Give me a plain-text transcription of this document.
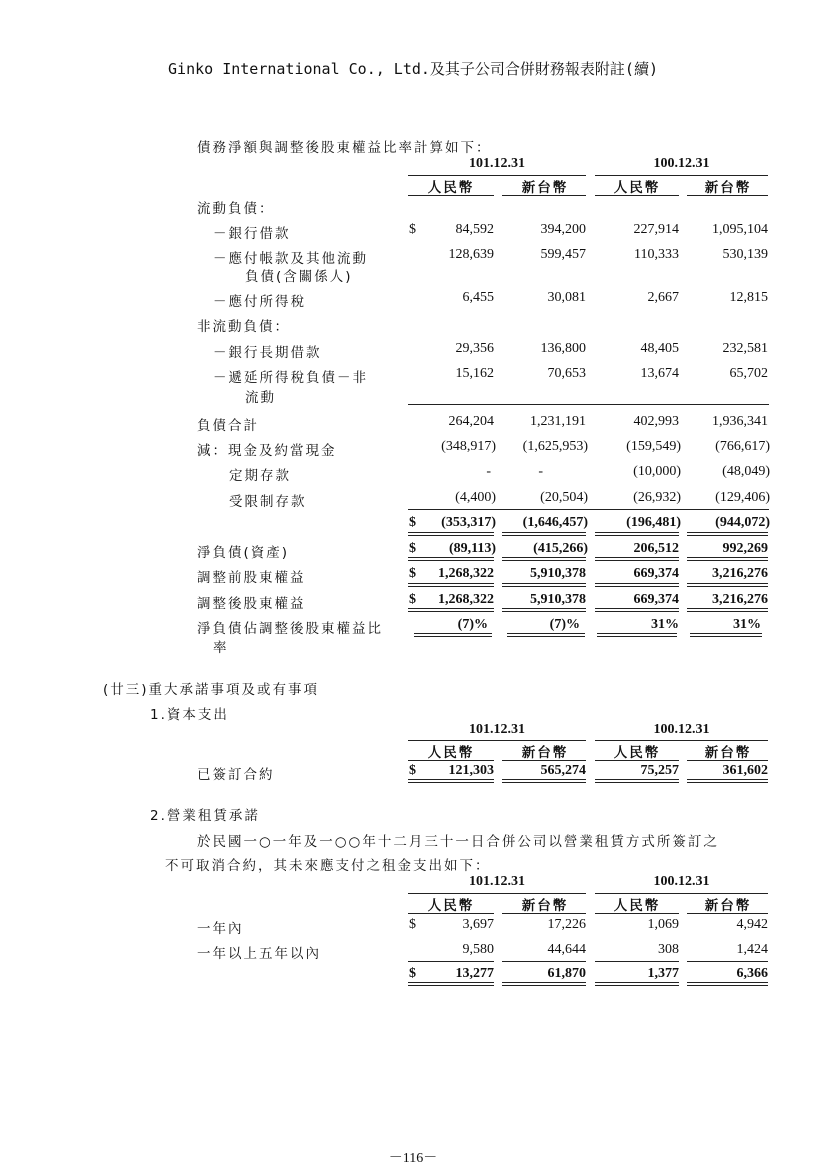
Ginko International Co., Ltd.及其子公司合併財務報表附註(續)
債務淨額與調整後股東權益比率計算如下：
101.12.31	100.12.31
人民幣	新台幣	人民幣	新台幣
流動負債：
－銀行借款	$	84,592	394,200	227,914	1,095,104
－應付帳款及其他流動
負債(含關係人)
128,639	599,457	110,333	530,139
－應付所得稅	6,455	30,081	2,667	12,815
非流動負債：
－銀行長期借款	29,356	136,800	48,405	232,581
－遞延所得稅負債－非
流動
15,162	70,653	13,674	65,702
負債合計	264,204	1,231,191	402,993	1,936,341
減：現金及約當現金	(348,917)	(1,625,953)	(159,549)	(766,617)
定期存款	-	-	(10,000)	(48,049)
受限制存款	(4,400)	(20,504)	(26,932)	(129,406)
$	(353,317)	(1,646,457)	(196,481)	(944,072)
淨負債(資產)	$	(89,113)	(415,266)	206,512	992,269
調整前股東權益	$	1,268,322	5,910,378	669,374	3,216,276
調整後股東權益	$	1,268,322	5,910,378	669,374	3,216,276
淨負債佔調整後股東權益比
率
(7)%	(7)%	31%	31%
(廿三)重大承諾事項及或有事項
1.資本支出
101.12.31	100.12.31
人民幣	新台幣	人民幣	新台幣
已簽訂合約	$	121,303	565,274	75,257	361,602
2.營業租賃承諾
於民國一○一年及一○○年十二月三十一日合併公司以營業租賃方式所簽訂之
不可取消合約，其未來應支付之租金支出如下：
101.12.31	100.12.31
人民幣	新台幣	人民幣	新台幣
一年內	$	3,697	17,226	1,069	4,942
一年以上五年以內	9,580	44,644	308	1,424
$	13,277	61,870	1,377	6,366
－116－
